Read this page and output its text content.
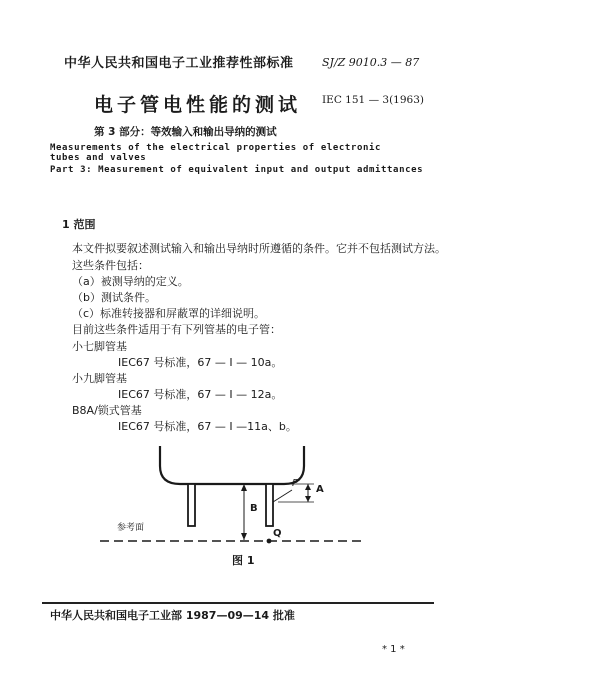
中华人民共和国电子工业推荐性部标准	SJ/Z 9010.3 — 87
电子管电性能的测试 IEC 151 — 3(1963)
第 3 部分：等效输入和输出导纳的测试
Measurements of the electrical properties of electronic
tubes and valves
Part 3: Measurement of equivalent input and output admittances
1 范围
本文件拟要叙述测试输入和输出导纳时所遵循的条件。它并不包括测试方法。
这些条件包括：
（a）被测导纳的定义。
（b）测试条件。
（c）标准转接器和屏蔽罩的详细说明。
目前这些条件适用于有下列管基的电子管：
小七脚管基
IEC67 号标准，67 — I — 10a。
小九脚管基
IEC67 号标准，67 — I — 12a。
B8A/锁式管基
IEC67 号标准，67 — I —11a、b。
参考面
A
B
P
Q
图 1
中华人民共和国电子工业部 1987—09—14 批准
* 1 *
